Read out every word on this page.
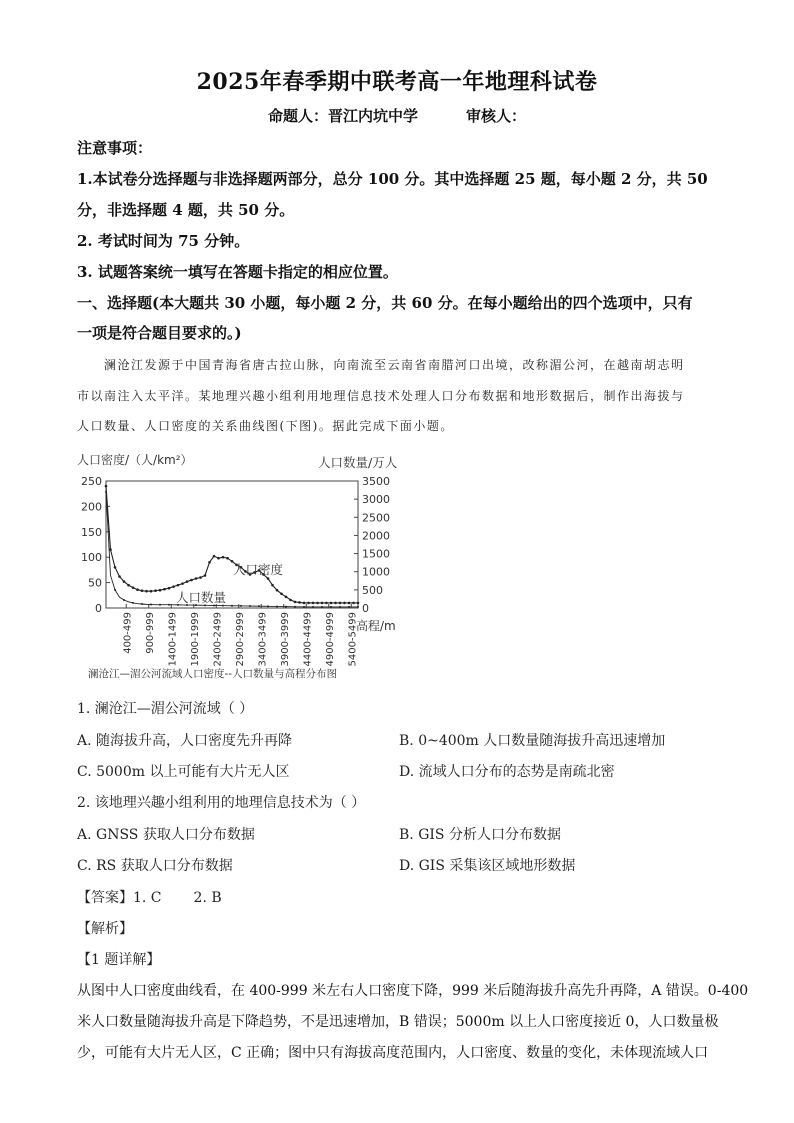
2025年春季期中联考高一年地理科试卷
命题人：晋江内坑中学	审核人：
注意事项：
1.本试卷分选择题与非选择题两部分，总分 100 分。其中选择题 25 题，每小题 2 分，共 50
分，非选择题 4 题，共 50 分。
2. 考试时间为 75 分钟。
3. 试题答案统一填写在答题卡指定的相应位置。
一、选择题(本大题共 30 小题，每小题 2 分，共 60 分。在每小题给出的四个选项中，只有
一项是符合题目要求的。)
澜沧江发源于中国青海省唐古拉山脉，向南流至云南省南腊河口出境，改称湄公河，在越南胡志明
市以南注入太平洋。某地理兴趣小组利用地理信息技术处理人口分布数据和地形数据后，制作出海拔与
人口数量、人口密度的关系曲线图(下图)。据此完成下面小题。
人口密度/（人/km²）	人口数量/万人
250
200
150
100
50
0
3500
3000
2500
2000
1500
1000
500
0
400-499 900-999 1400-1499 1900-1999 2400-2499 2900-2999 3400-3499 3900-3999 4400-4499 4900-4999 5400-5499
人口密度
人口数量
高程/m
澜沧江—湄公河流域人口密度--人口数量与高程分布图
1. 澜沧江—湄公河流域（ ）
A. 随海拔升高，人口密度先升再降	B. 0~400m 人口数量随海拔升高迅速增加
C. 5000m 以上可能有大片无人区	D. 流域人口分布的态势是南疏北密
2. 该地理兴趣小组利用的地理信息技术为（ ）
A. GNSS 获取人口分布数据	B. GIS 分析人口分布数据
C. RS 获取人口分布数据	D. GIS 采集该区域地形数据
【答案】1. C 2. B
【解析】
【1 题详解】
从图中人口密度曲线看，在 400-999 米左右人口密度下降，999 米后随海拔升高先升再降，A 错误。0-400
米人口数量随海拔升高是下降趋势，不是迅速增加，B 错误；5000m 以上人口密度接近 0，人口数量极
少，可能有大片无人区，C 正确；图中只有海拔高度范围内，人口密度、数量的变化，未体现流域人口
